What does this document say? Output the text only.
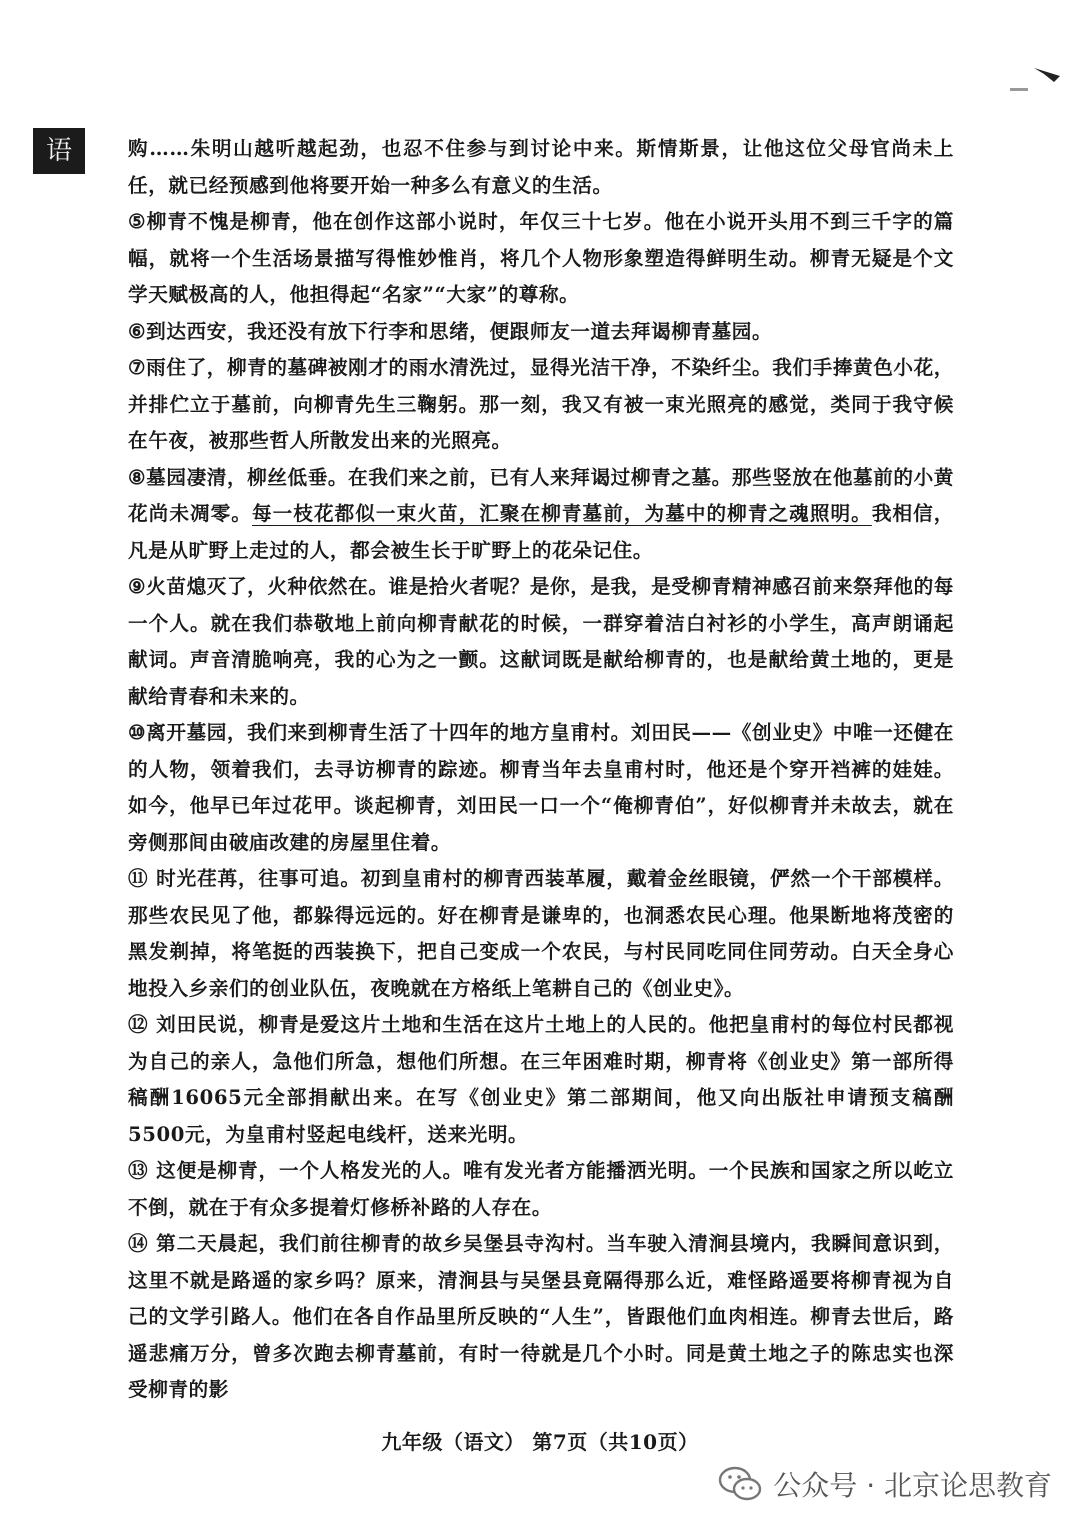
语	购……朱明山越听越起劲，也忍不住参与到讨论中来。斯情斯景，让他这位父母官尚未上任，就已经预感到他将要开始一种多么有意义的生活。

⑤柳青不愧是柳青，他在创作这部小说时，年仅三十七岁。他在小说开头用不到三千字的篇幅，就将一个生活场景描写得惟妙惟肖，将几个人物形象塑造得鲜明生动。柳青无疑是个文学天赋极高的人，他担得起“名家”“大家”的尊称。

⑥到达西安，我还没有放下行李和思绪，便跟师友一道去拜谒柳青墓园。

⑦雨住了，柳青的墓碑被刚才的雨水清洗过，显得光洁干净，不染纤尘。我们手捧黄色小花，并排伫立于墓前，向柳青先生三鞠躬。那一刻，我又有被一束光照亮的感觉，类同于我守候在午夜，被那些哲人所散发出来的光照亮。

⑧墓园凄清，柳丝低垂。在我们来之前，已有人来拜谒过柳青之墓。那些竖放在他墓前的小黄花尚未凋零。每一枝花都似一束火苗，汇聚在柳青墓前，为墓中的柳青之魂照明。我相信，凡是从旷野上走过的人，都会被生长于旷野上的花朵记住。

⑨火苗熄灭了，火种依然在。谁是拾火者呢？是你，是我，是受柳青精神感召前来祭拜他的每一个人。就在我们恭敬地上前向柳青献花的时候，一群穿着洁白衬衫的小学生，高声朗诵起献词。声音清脆响亮，我的心为之一颤。这献词既是献给柳青的，也是献给黄土地的，更是献给青春和未来的。

⑩离开墓园，我们来到柳青生活了十四年的地方皇甫村。刘田民——《创业史》中唯一还健在的人物，领着我们，去寻访柳青的踪迹。柳青当年去皇甫村时，他还是个穿开裆裤的娃娃。如今，他早已年过花甲。谈起柳青，刘田民一口一个“俺柳青伯”，好似柳青并未故去，就在旁侧那间由破庙改建的房屋里住着。

⑪ 时光荏苒，往事可追。初到皇甫村的柳青西装革履，戴着金丝眼镜，俨然一个干部模样。那些农民见了他，都躲得远远的。好在柳青是谦卑的，也洞悉农民心理。他果断地将茂密的黑发剃掉，将笔挺的西装换下，把自己变成一个农民，与村民同吃同住同劳动。白天全身心地投入乡亲们的创业队伍，夜晚就在方格纸上笔耕自己的《创业史》。

⑫ 刘田民说，柳青是爱这片土地和生活在这片土地上的人民的。他把皇甫村的每位村民都视为自己的亲人，急他们所急，想他们所想。在三年困难时期，柳青将《创业史》第一部所得稿酬16065元全部捐献出来。在写《创业史》第二部期间，他又向出版社申请预支稿酬5500元，为皇甫村竖起电线杆，送来光明。

⑬ 这便是柳青，一个人格发光的人。唯有发光者方能播洒光明。一个民族和国家之所以屹立不倒，就在于有众多提着灯修桥补路的人存在。

⑭ 第二天晨起，我们前往柳青的故乡吴堡县寺沟村。当车驶入清涧县境内，我瞬间意识到，这里不就是路遥的家乡吗？原来，清涧县与吴堡县竟隔得那么近，难怪路遥要将柳青视为自己的文学引路人。他们在各自作品里所反映的“人生”，皆跟他们血肉相连。柳青去世后，路遥悲痛万分，曾多次跑去柳青墓前，有时一待就是几个小时。同是黄土地之子的陈忠实也深受柳青的影

九年级（语文） 第7页（共10页）
公众号 · 北京论思教育
